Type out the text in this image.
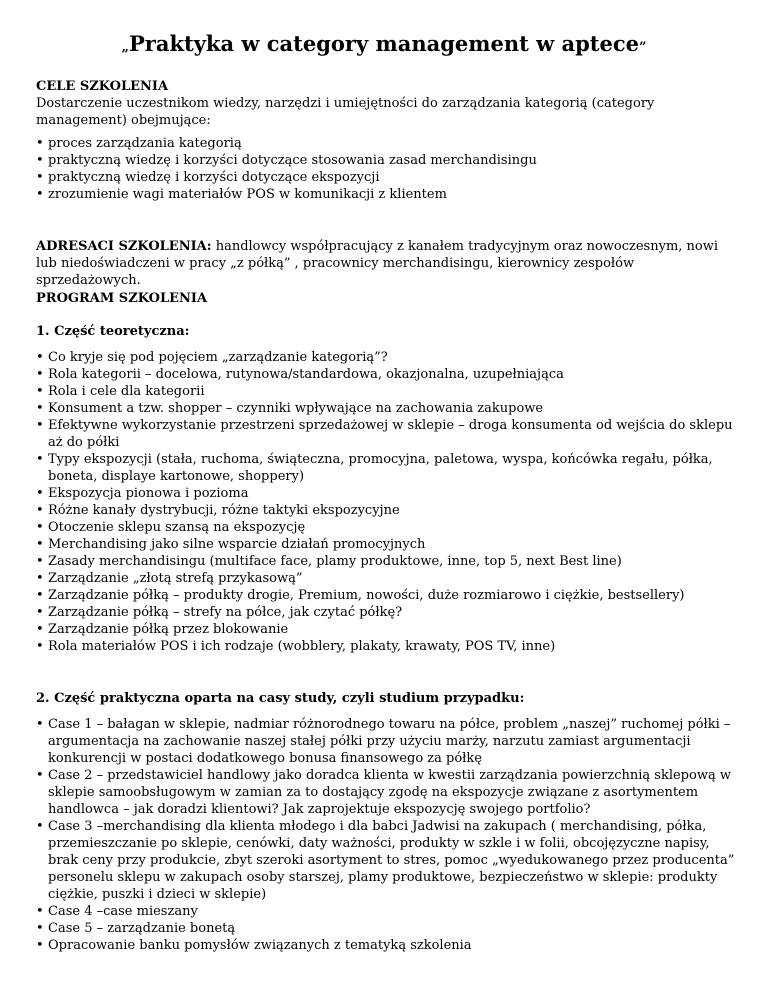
„Praktyka w category management w aptece”
CELE SZKOLENIA

Dostarczenie uczestnikom wiedzy, narzędzi i umiejętności do zarządzania kategorią (category management) obejmujące:

• proces zarządzania kategorią
• praktyczną wiedzę i korzyści dotyczące stosowania zasad merchandisingu
• praktyczną wiedzę i korzyści dotyczące ekspozycji
• zrozumienie wagi materiałów POS w komunikacji z klientem

ADRESACI SZKOLENIA: handlowcy współpracujący z kanałem tradycyjnym oraz nowoczesnym, nowi lub niedoświadczeni w pracy „z półką” , pracownicy merchandisingu, kierownicy zespołów sprzedażowych.

PROGRAM SZKOLENIA
1. Część teoretyczna:
• Co kryje się pod pojęciem „zarządzanie kategorią”?
• Rola kategorii – docelowa, rutynowa/standardowa, okazjonalna, uzupełniająca
• Rola i cele dla kategorii
• Konsument a tzw. shopper – czynniki wpływające na zachowania zakupowe
• Efektywne wykorzystanie przestrzeni sprzedażowej w sklepie – droga konsumenta od wejścia do sklepu aż do półki
• Typy ekspozycji (stała, ruchoma, świąteczna, promocyjna, paletowa, wyspa, końcówka regału, półka, boneta, displaye kartonowe, shoppery)
• Ekspozycja pionowa i pozioma
• Różne kanały dystrybucji, różne taktyki ekspozycyjne
• Otoczenie sklepu szansą na ekspozycję
• Merchandising jako silne wsparcie działań promocyjnych
• Zasady merchandisingu (multiface face, plamy produktowe, inne, top 5, next Best line)
• Zarządzanie „złotą strefą przykasową”
• Zarządzanie półką – produkty drogie, Premium, nowości, duże rozmiarowo i ciężkie, bestsellery)
• Zarządzanie półką – strefy na półce, jak czytać półkę?
• Zarządzanie półką przez blokowanie
• Rola materiałów POS i ich rodzaje (wobblery, plakaty, krawaty, POS TV, inne)
2. Część praktyczna oparta na casy study, czyli studium przypadku:
• Case 1 – bałagan w sklepie, nadmiar różnorodnego towaru na półce, problem „naszej” ruchomej półki – argumentacja na zachowanie naszej stałej półki przy użyciu marży, narzutu zamiast argumentacji konkurencji w postaci dodatkowego bonusa finansowego za półkę
• Case 2 – przedstawiciel handlowy jako doradca klienta w kwestii zarządzania powierzchnią sklepową w sklepie samoobsługowym w zamian za to dostający zgodę na ekspozycje związane z asortymentem handlowca – jak doradzi klientowi? Jak zaprojektuje ekspozycję swojego portfolio?
• Case 3 –merchandising dla klienta młodego i dla babci Jadwisi na zakupach ( merchandising, półka, przemieszczanie po sklepie, cenówki, daty ważności, produkty w szkle i w folii, obcojęzyczne napisy, brak ceny przy produkcie, zbyt szeroki asortyment to stres, pomoc „wyedukowanego przez producenta” personelu sklepu w zakupach osoby starszej, plamy produktowe, bezpieczeństwo w sklepie: produkty ciężkie, puszki i dzieci w sklepie)
• Case 4 –case mieszany
• Case 5 – zarządzanie bonetą
• Opracowanie banku pomysłów związanych z tematyką szkolenia
